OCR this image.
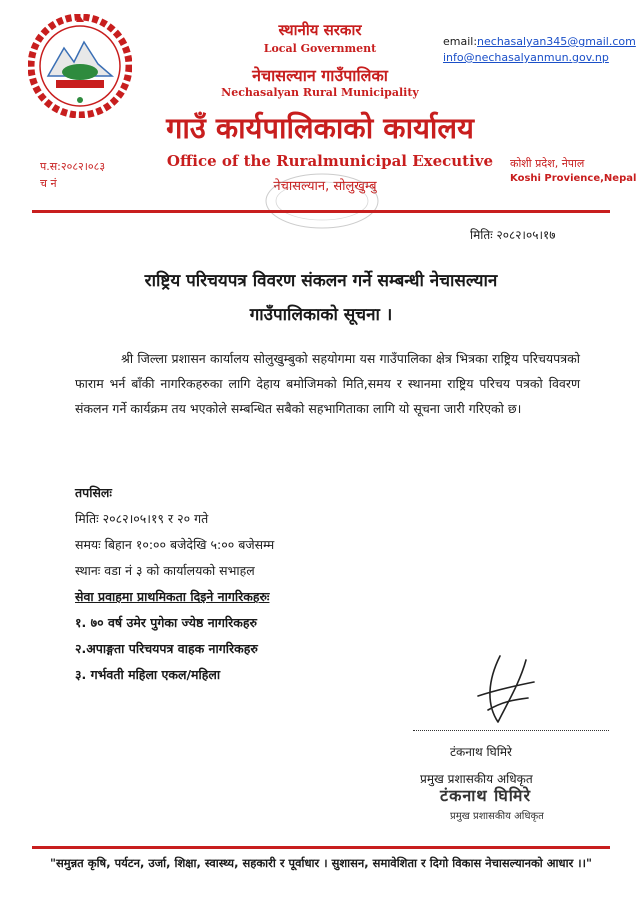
स्थानीय सरकार
Local Government
नेचासल्यान गाउँपालिका
Nechasalyan Rural Municipality
गाउँ कार्यपालिकाको कार्यालय
Office of the Ruralmunicipal Executive
नेचासल्यान, सोलुखुम्बु
email:nechasalyan345@gmail.com
info@nechasalyanmun.gov.np
प.स:२०८२।०८३
च नं
कोशी प्रदेश, नेपाल
Koshi Provience,Nepal
मितिः २०८२।०५।१७
राष्ट्रिय परिचयपत्र विवरण संकलन गर्ने सम्बन्धी नेचासल्यान
गाउँपालिकाको सूचना ।
श्री जिल्ला प्रशासन कार्यालय सोलुखुम्बुको सहयोगमा यस गाउँपालिका क्षेत्र भित्रका राष्ट्रिय परिचयपत्रको फाराम भर्न बाँकी नागरिकहरुका लागि देहाय बमोजिमको मिति,समय र स्थानमा राष्ट्रिय परिचय पत्रको विवरण संकलन गर्ने कार्यक्रम तय भएकोले सम्बन्धित सबैको सहभागिताका लागि यो सूचना जारी गरिएको छ।
तपसिलः
मितिः २०८२।०५।१९ र २० गते
समयः बिहान १०:०० बजेदेखि ५:०० बजेसम्म
स्थानः वडा नं ३ को कार्यालयको सभाहल
सेवा प्रवाहमा प्राथमिकता दिइने नागरिकहरुः
१. ७० वर्ष उमेर पुगेका ज्येष्ठ नागरिकहरु
२.अपाङ्गता परिचयपत्र वाहक नागरिकहरु
३. गर्भवती महिला एकल/महिला
टंकनाथ घिमिरे
प्रमुख प्रशासकीय अधिकृत
टंकनाथ घिमिरे
प्रमुख प्रशासकीय अधिकृत
"समुन्नत कृषि, पर्यटन, उर्जा, शिक्षा, स्वास्थ्य, सहकारी र पूर्वाधार । सुशासन, समावेशिता र दिगो विकास नेचासल्यानको आधार ।।"
